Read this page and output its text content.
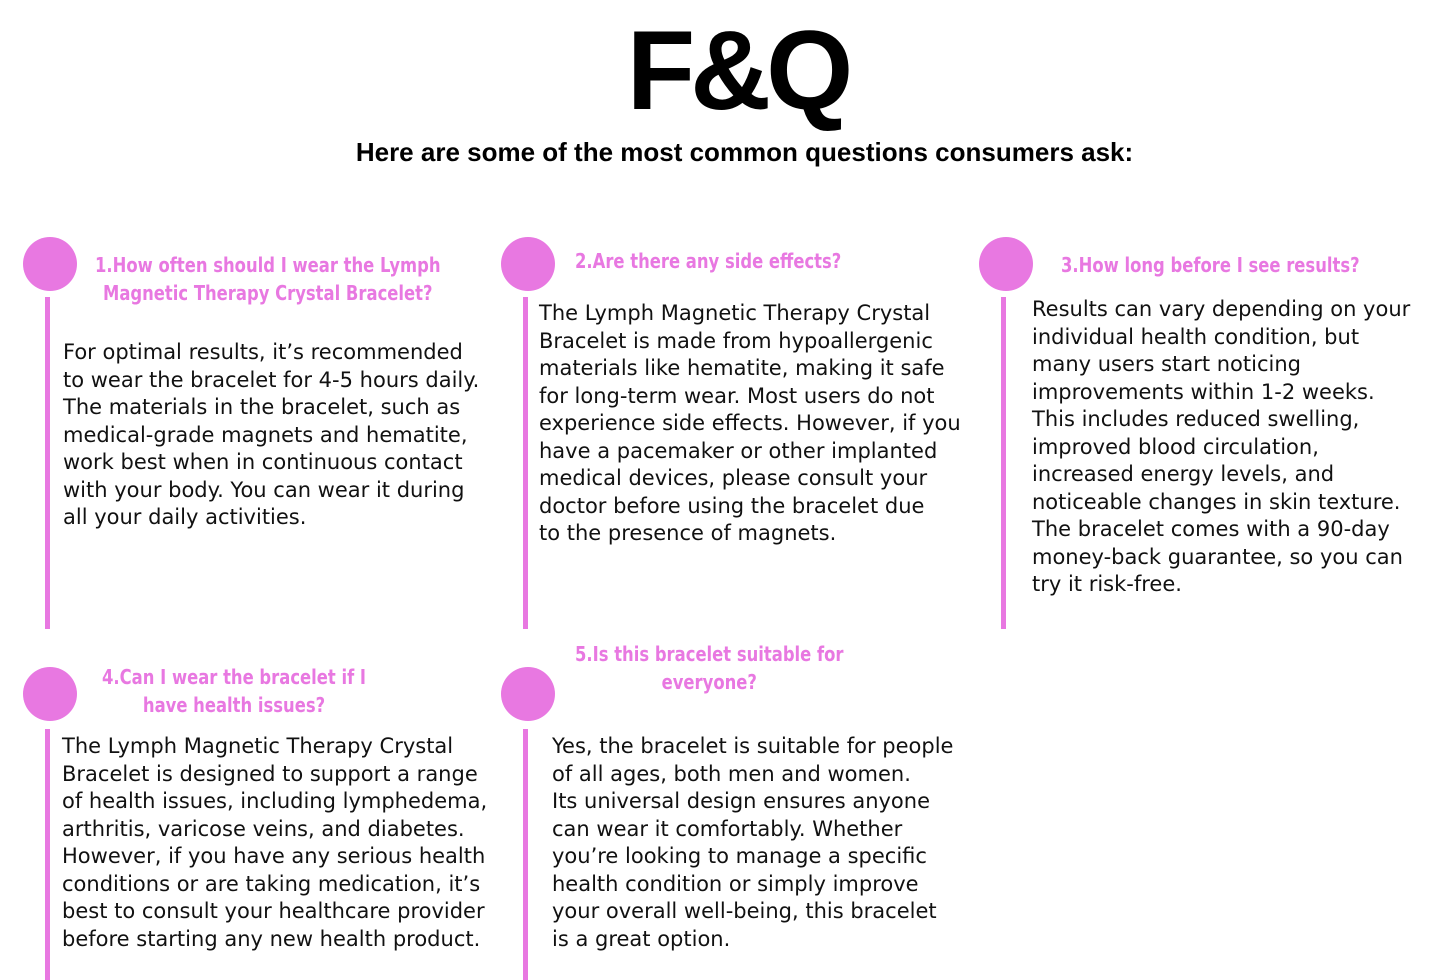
F&Q
Here are some of the most common questions consumers ask:
1.How often should I wear the Lymph
Magnetic Therapy Crystal Bracelet?
For optimal results, it’s recommended
to wear the bracelet for 4-5 hours daily.
The materials in the bracelet, such as
medical-grade magnets and hematite,
work best when in continuous contact
with your body. You can wear it during
all your daily activities.
2.Are there any side effects?
The Lymph Magnetic Therapy Crystal
Bracelet is made from hypoallergenic
materials like hematite, making it safe
for long-term wear. Most users do not
experience side effects. However, if you
have a pacemaker or other implanted
medical devices, please consult your
doctor before using the bracelet due
to the presence of magnets.
3.How long before I see results?
Results can vary depending on your
individual health condition, but
many users start noticing
improvements within 1-2 weeks.
This includes reduced swelling,
improved blood circulation,
increased energy levels, and
noticeable changes in skin texture.
The bracelet comes with a 90-day
money-back guarantee, so you can
try it risk-free.
4.Can I wear the bracelet if I
have health issues?
The Lymph Magnetic Therapy Crystal
Bracelet is designed to support a range
of health issues, including lymphedema,
arthritis, varicose veins, and diabetes.
However, if you have any serious health
conditions or are taking medication, it’s
best to consult your healthcare provider
before starting any new health product.
5.Is this bracelet suitable for
everyone?
Yes, the bracelet is suitable for people
of all ages, both men and women.
Its universal design ensures anyone
can wear it comfortably. Whether
you’re looking to manage a specific
health condition or simply improve
your overall well-being, this bracelet
is a great option.
